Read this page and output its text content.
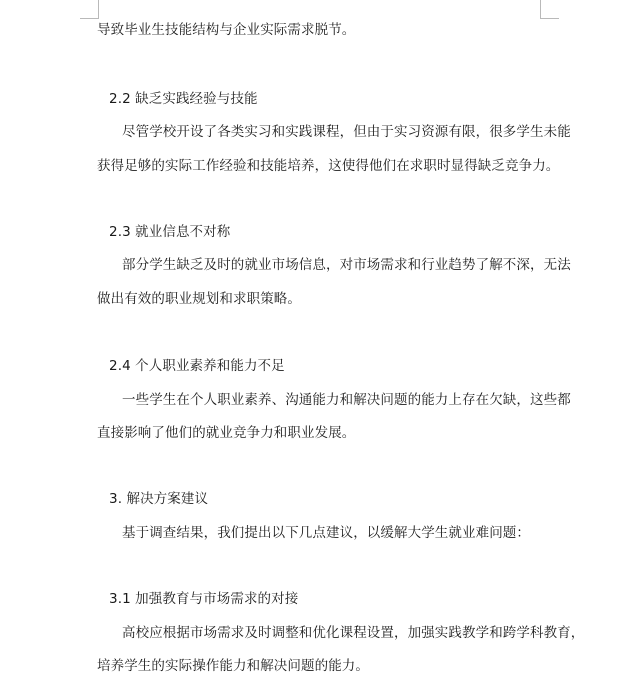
导致毕业生技能结构与企业实际需求脱节。
2.2 缺乏实践经验与技能
尽管学校开设了各类实习和实践课程，但由于实习资源有限，很多学生未能
获得足够的实际工作经验和技能培养，这使得他们在求职时显得缺乏竞争力。
2.3 就业信息不对称
部分学生缺乏及时的就业市场信息，对市场需求和行业趋势了解不深，无法
做出有效的职业规划和求职策略。
2.4 个人职业素养和能力不足
一些学生在个人职业素养、沟通能力和解决问题的能力上存在欠缺，这些都
直接影响了他们的就业竞争力和职业发展。
3. 解决方案建议
基于调查结果，我们提出以下几点建议，以缓解大学生就业难问题：
3.1 加强教育与市场需求的对接
高校应根据市场需求及时调整和优化课程设置，加强实践教学和跨学科教育，
培养学生的实际操作能力和解决问题的能力。
